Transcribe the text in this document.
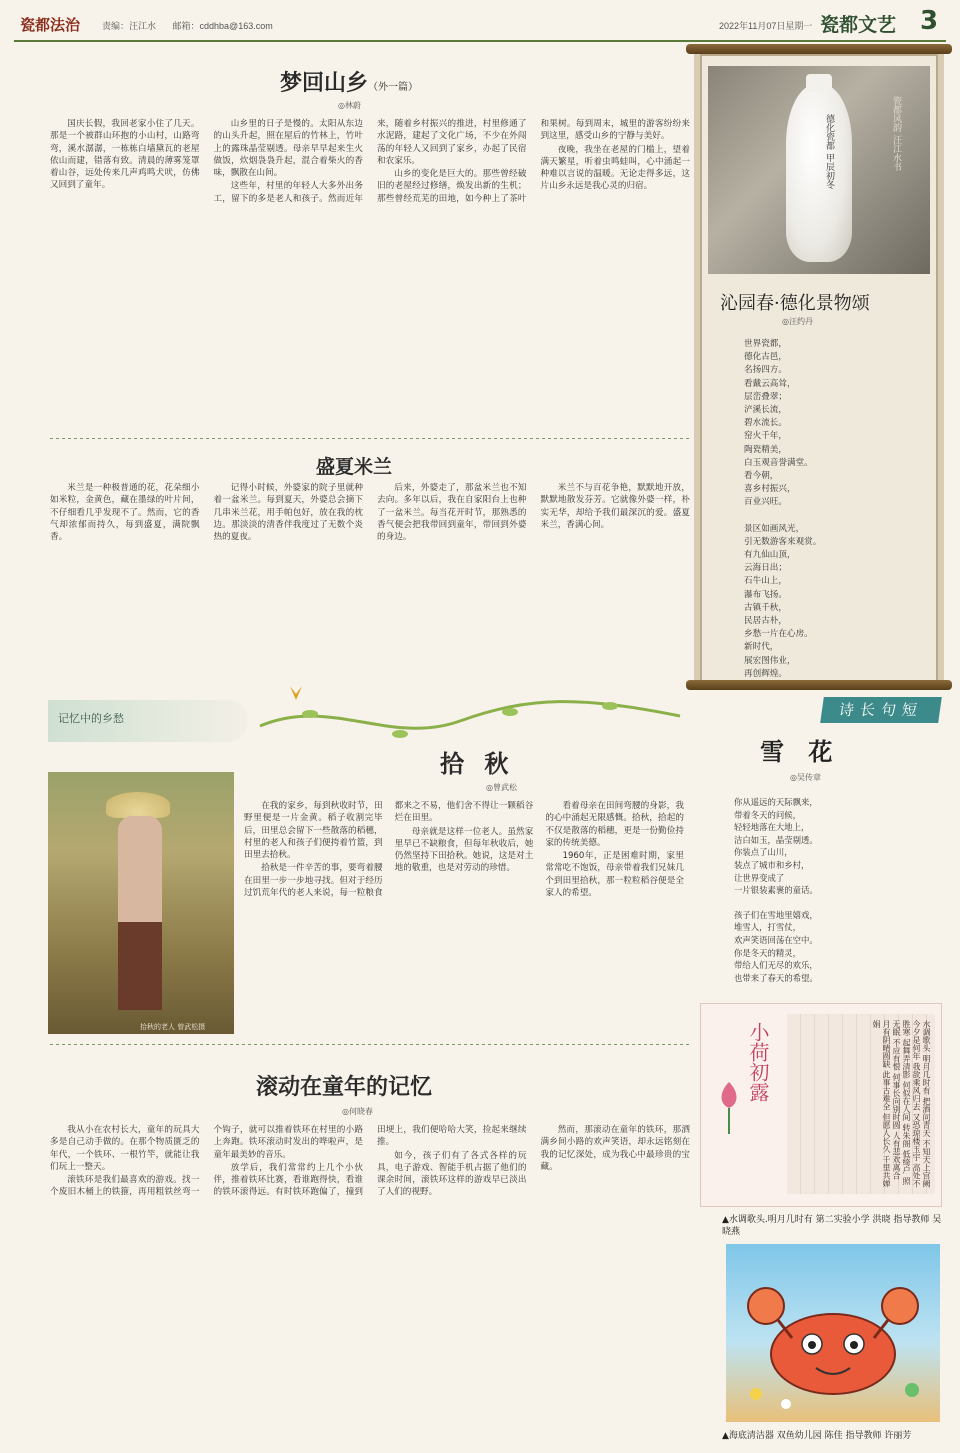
瓷都法治 责编：汪江水 邮箱：cddhba@163.com	2022年11月07日星期一 瓷都文艺 3
梦回山乡（外一篇）
◎林蔚

国庆长假，我回老家小住了几天。那是一个被群山环抱的小山村，山路弯弯，溪水潺潺，一栋栋白墙黛瓦的老屋依山而建，错落有致。清晨的薄雾笼罩着山谷，远处传来几声鸡鸣犬吠，仿佛又回到了童年。

山乡里的日子是慢的。太阳从东边的山头升起，照在屋后的竹林上，竹叶上的露珠晶莹剔透。母亲早早起来生火做饭，炊烟袅袅升起，混合着柴火的香味，飘散在山间。

这些年，村里的年轻人大多外出务工，留下的多是老人和孩子。然而近年来，随着乡村振兴的推进，村里修通了水泥路，建起了文化广场，不少在外闯荡的年轻人又回到了家乡，办起了民宿和农家乐。

山乡的变化是巨大的。那些曾经破旧的老屋经过修缮，焕发出新的生机；那些曾经荒芜的田地，如今种上了茶叶和果树。每到周末，城里的游客纷纷来到这里，感受山乡的宁静与美好。

夜晚，我坐在老屋的门槛上，望着满天繁星，听着虫鸣蛙叫，心中涌起一种难以言说的温暖。无论走得多远，这片山乡永远是我心灵的归宿。

盛夏米兰

米兰是一种极普通的花，花朵细小如米粒，金黄色，藏在墨绿的叶片间，不仔细看几乎发现不了。然而，它的香气却浓郁而持久，每到盛夏，满院飘香。

记得小时候，外婆家的院子里就种着一盆米兰。每到夏天，外婆总会摘下几串米兰花，用手帕包好，放在我的枕边。那淡淡的清香伴我度过了无数个炎热的夏夜。

后来，外婆走了，那盆米兰也不知去向。多年以后，我在自家阳台上也种了一盆米兰。每当花开时节，那熟悉的香气便会把我带回到童年，带回到外婆的身边。

米兰不与百花争艳，默默地开放，默默地散发芬芳。它就像外婆一样，朴实无华，却给予我们最深沉的爱。盛夏米兰，香满心间。

记忆中的乡愁
拾 秋
◎曾武松
拾秋的老人 曾武松摄

在我的家乡，每到秋收时节，田野里便是一片金黄。稻子收割完毕后，田里总会留下一些散落的稻穗，村里的老人和孩子们便挎着竹篮，到田里去拾秋。

拾秋是一件辛苦的事，要弯着腰在田里一步一步地寻找。但对于经历过饥荒年代的老人来说，每一粒粮食都来之不易，他们舍不得让一颗稻谷烂在田里。

母亲就是这样一位老人。虽然家里早已不缺粮食，但每年秋收后，她仍然坚持下田拾秋。她说，这是对土地的敬重，也是对劳动的珍惜。

看着母亲在田间弯腰的身影，我的心中涌起无限感慨。拾秋，拾起的不仅是散落的稻穗，更是一份勤俭持家的传统美德。

1960年，正是困难时期，家里常常吃不饱饭，母亲带着我们兄妹几个到田里拾秋，那一粒粒稻谷便是全家人的希望。

滚动在童年的记忆
◎何晓春

我从小在农村长大，童年的玩具大多是自己动手做的。在那个物质匮乏的年代，一个铁环、一根竹竿，就能让我们玩上一整天。

滚铁环是我们最喜欢的游戏。找一个废旧木桶上的铁箍，再用粗铁丝弯一个钩子，就可以推着铁环在村里的小路上奔跑。铁环滚动时发出的哗啦声，是童年最美妙的音乐。

放学后，我们常常约上几个小伙伴，推着铁环比赛，看谁跑得快，看谁的铁环滚得远。有时铁环跑偏了，撞到田埂上，我们便哈哈大笑，捡起来继续推。

如今，孩子们有了各式各样的玩具，电子游戏、智能手机占据了他们的课余时间，滚铁环这样的游戏早已淡出了人们的视野。

然而，那滚动在童年的铁环，那洒满乡间小路的欢声笑语，却永远铭刻在我的记忆深处，成为我心中最珍贵的宝藏。

德化瓷都 甲辰初冬	瓷都风韵 汪江水书
沁园春·德化景物颂
◎汪约丹
世界瓷都，
德化古邑，
名扬四方。
看戴云高耸，
层峦叠翠；
浐溪长流，
碧水流长。
窑火千年，
陶瓷精美，
白玉观音誉满堂。
看今朝，
喜乡村振兴，
百业兴旺。
景区如画风光，
引无数游客来观赏。
有九仙山顶，
云海日出；
石牛山上，
瀑布飞扬。
古镇千秋，
民居古朴，
乡愁一片在心房。
新时代，
展宏图伟业，
再创辉煌。
诗长句短
雪 花
◎吴传章
你从遥远的天际飘来，
带着冬天的问候，
轻轻地落在大地上，
洁白如玉，晶莹剔透。
你装点了山川，
装点了城市和乡村，
让世界变成了
一片银装素裹的童话。
孩子们在雪地里嬉戏，
堆雪人，打雪仗，
欢声笑语回荡在空中。
你是冬天的精灵，
带给人们无尽的欢乐，
也带来了春天的希望。
小荷初露	水调歌头 明月几时有 把酒问青天 不知天上宫阙 今夕是何年 我欲乘风归去 又恐琼楼玉宇 高处不胜寒 起舞弄清影 何似在人间 转朱阁 低绮户 照无眠 不应有恨 何事长向别时圆 人有悲欢离合 月有阴晴圆缺 此事古难全 但愿人长久 千里共婵娟
▲水调歌头.明月几时有 第二实验小学 洪晓 指导教师 吴晓燕
▲海底清洁器 双鱼幼儿园 陈佳 指导教师 许丽芳
